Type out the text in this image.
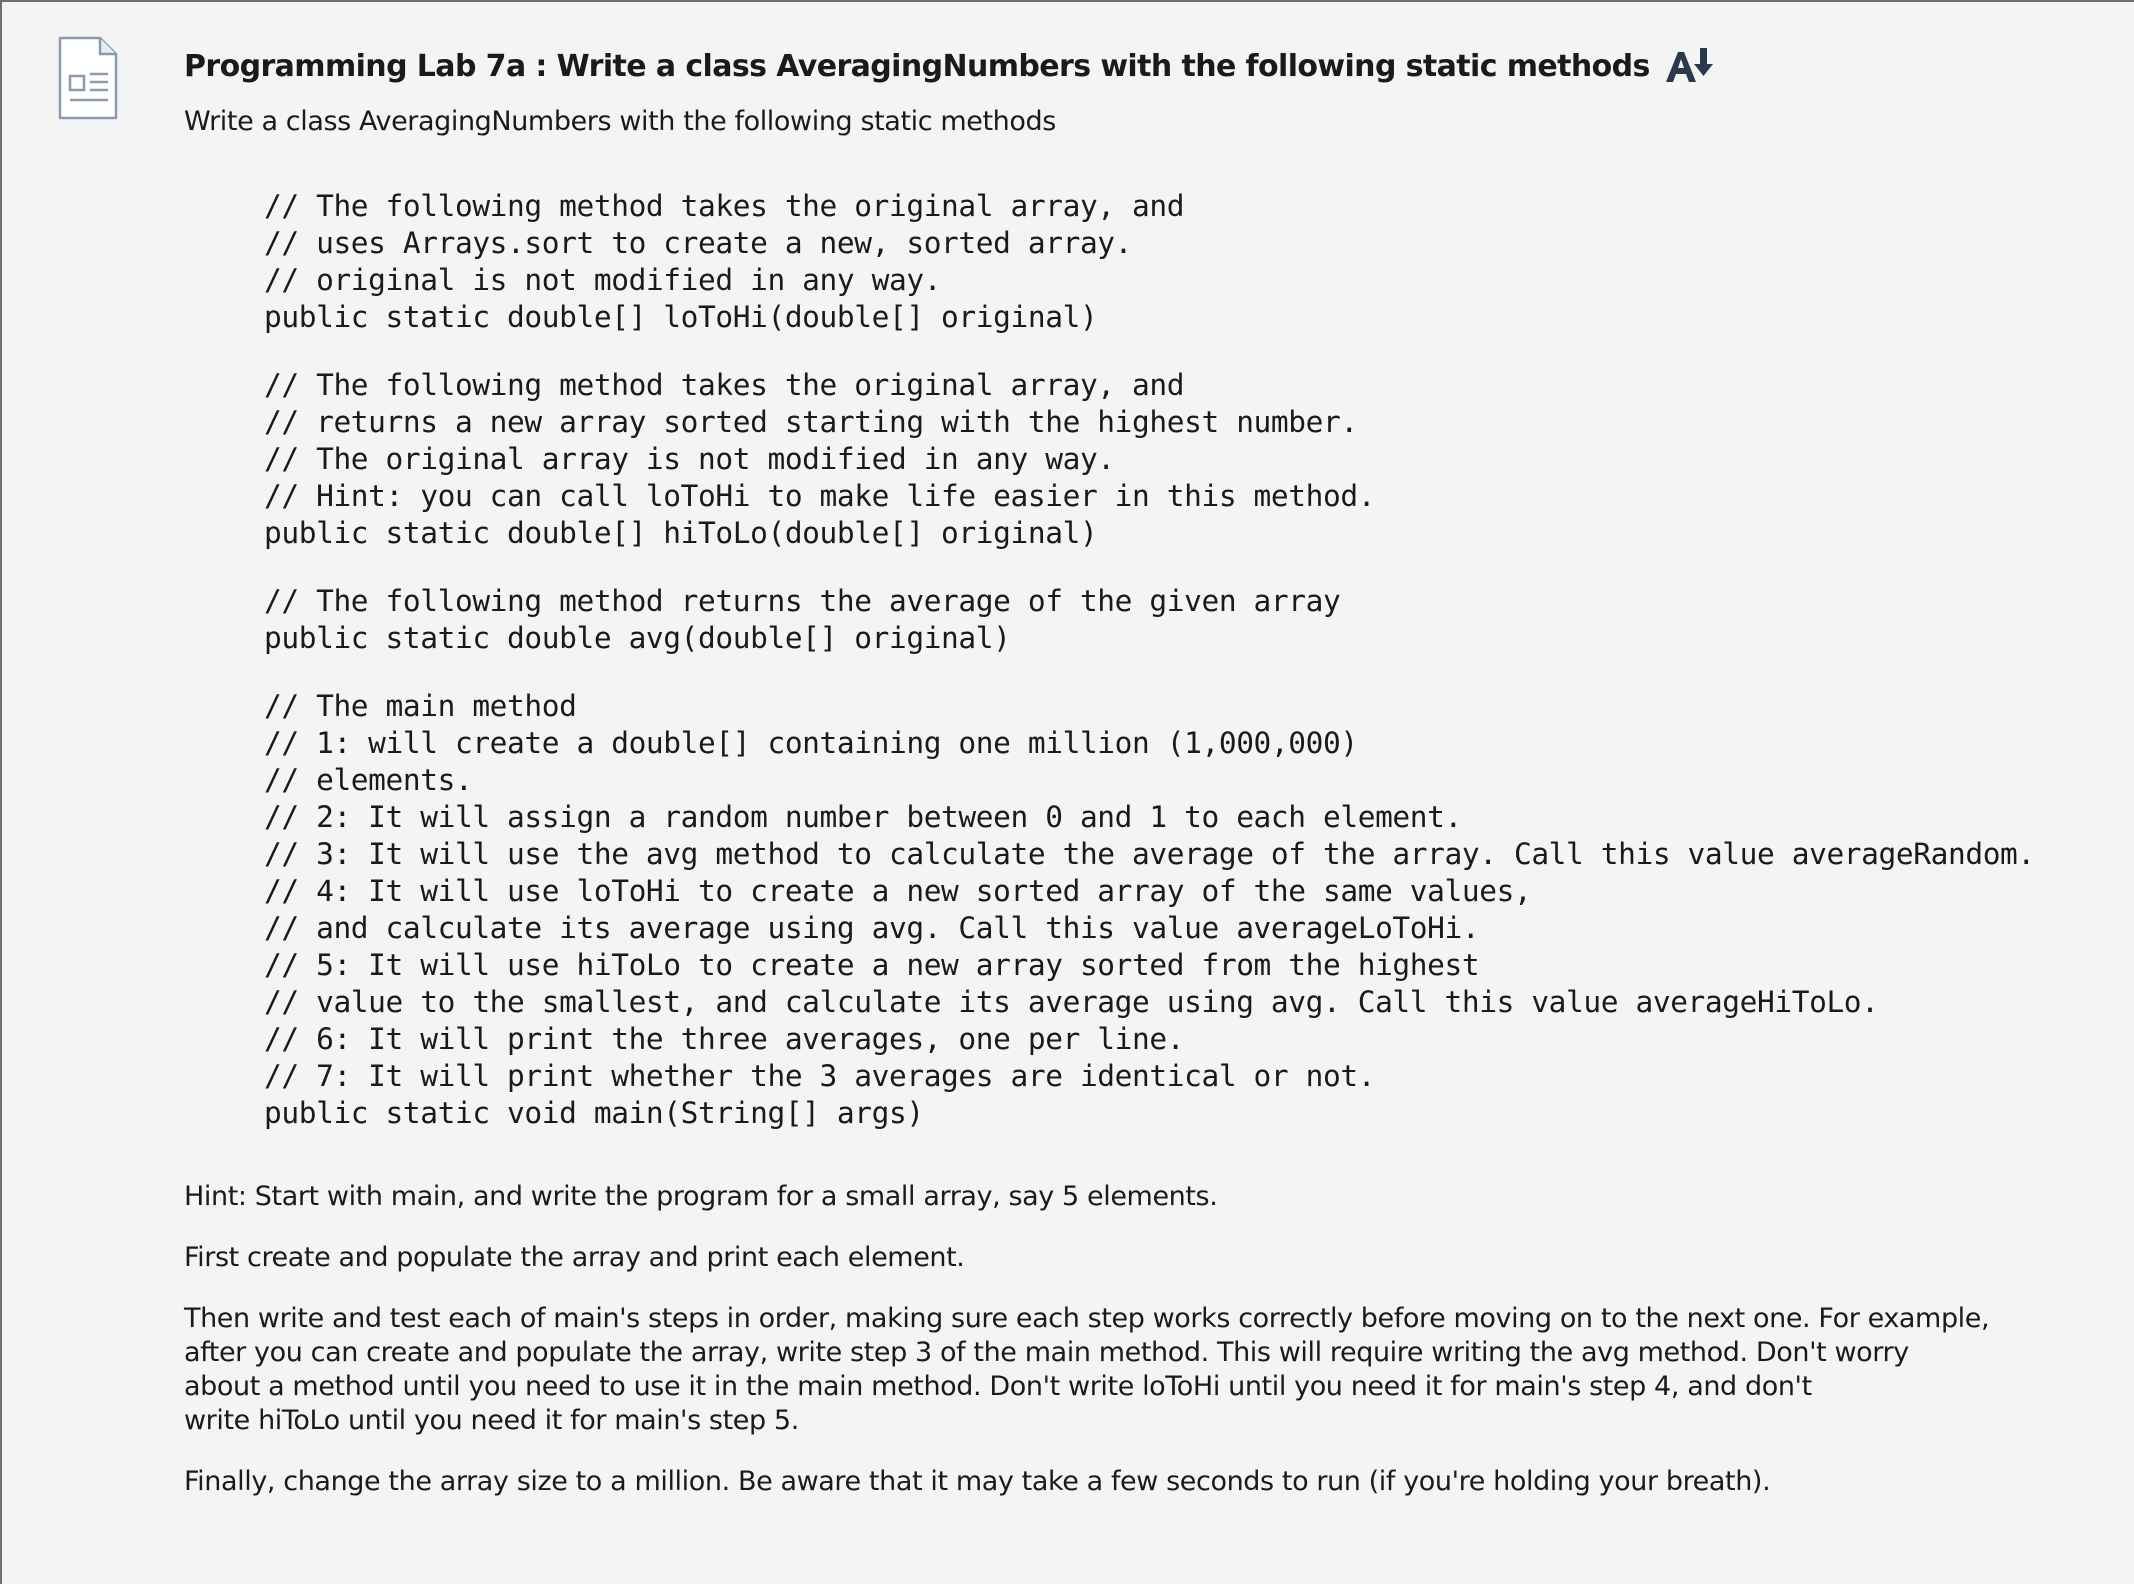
Programming Lab 7a : Write a class AveragingNumbers with the following static methods
Write a class AveragingNumbers with the following static methods
// The following method takes the original array, and
// uses Arrays.sort to create a new, sorted array.
// original is not modified in any way.
public static double[] loToHi(double[] original)
// The following method takes the original array, and
// returns a new array sorted starting with the highest number.
// The original array is not modified in any way.
// Hint: you can call loToHi to make life easier in this method.
public static double[] hiToLo(double[] original)
// The following method returns the average of the given array
public static double avg(double[] original)
// The main method
// 1: will create a double[] containing one million (1,000,000)
// elements.
// 2: It will assign a random number between 0 and 1 to each element.
// 3: It will use the avg method to calculate the average of the array. Call this value averageRandom.
// 4: It will use loToHi to create a new sorted array of the same values,
// and calculate its average using avg. Call this value averageLoToHi.
// 5: It will use hiToLo to create a new array sorted from the highest
// value to the smallest, and calculate its average using avg. Call this value averageHiToLo.
// 6: It will print the three averages, one per line.
// 7: It will print whether the 3 averages are identical or not.
public static void main(String[] args)

Hint: Start with main, and write the program for a small array, say 5 elements.

First create and populate the array and print each element.

Then write and test each of main's steps in order, making sure each step works correctly before moving on to the next one. For example,
after you can create and populate the array, write step 3 of the main method. This will require writing the avg method. Don't worry
about a method until you need to use it in the main method. Don't write loToHi until you need it for main's step 4, and don't
write hiToLo until you need it for main's step 5.

Finally, change the array size to a million. Be aware that it may take a few seconds to run (if you're holding your breath).
